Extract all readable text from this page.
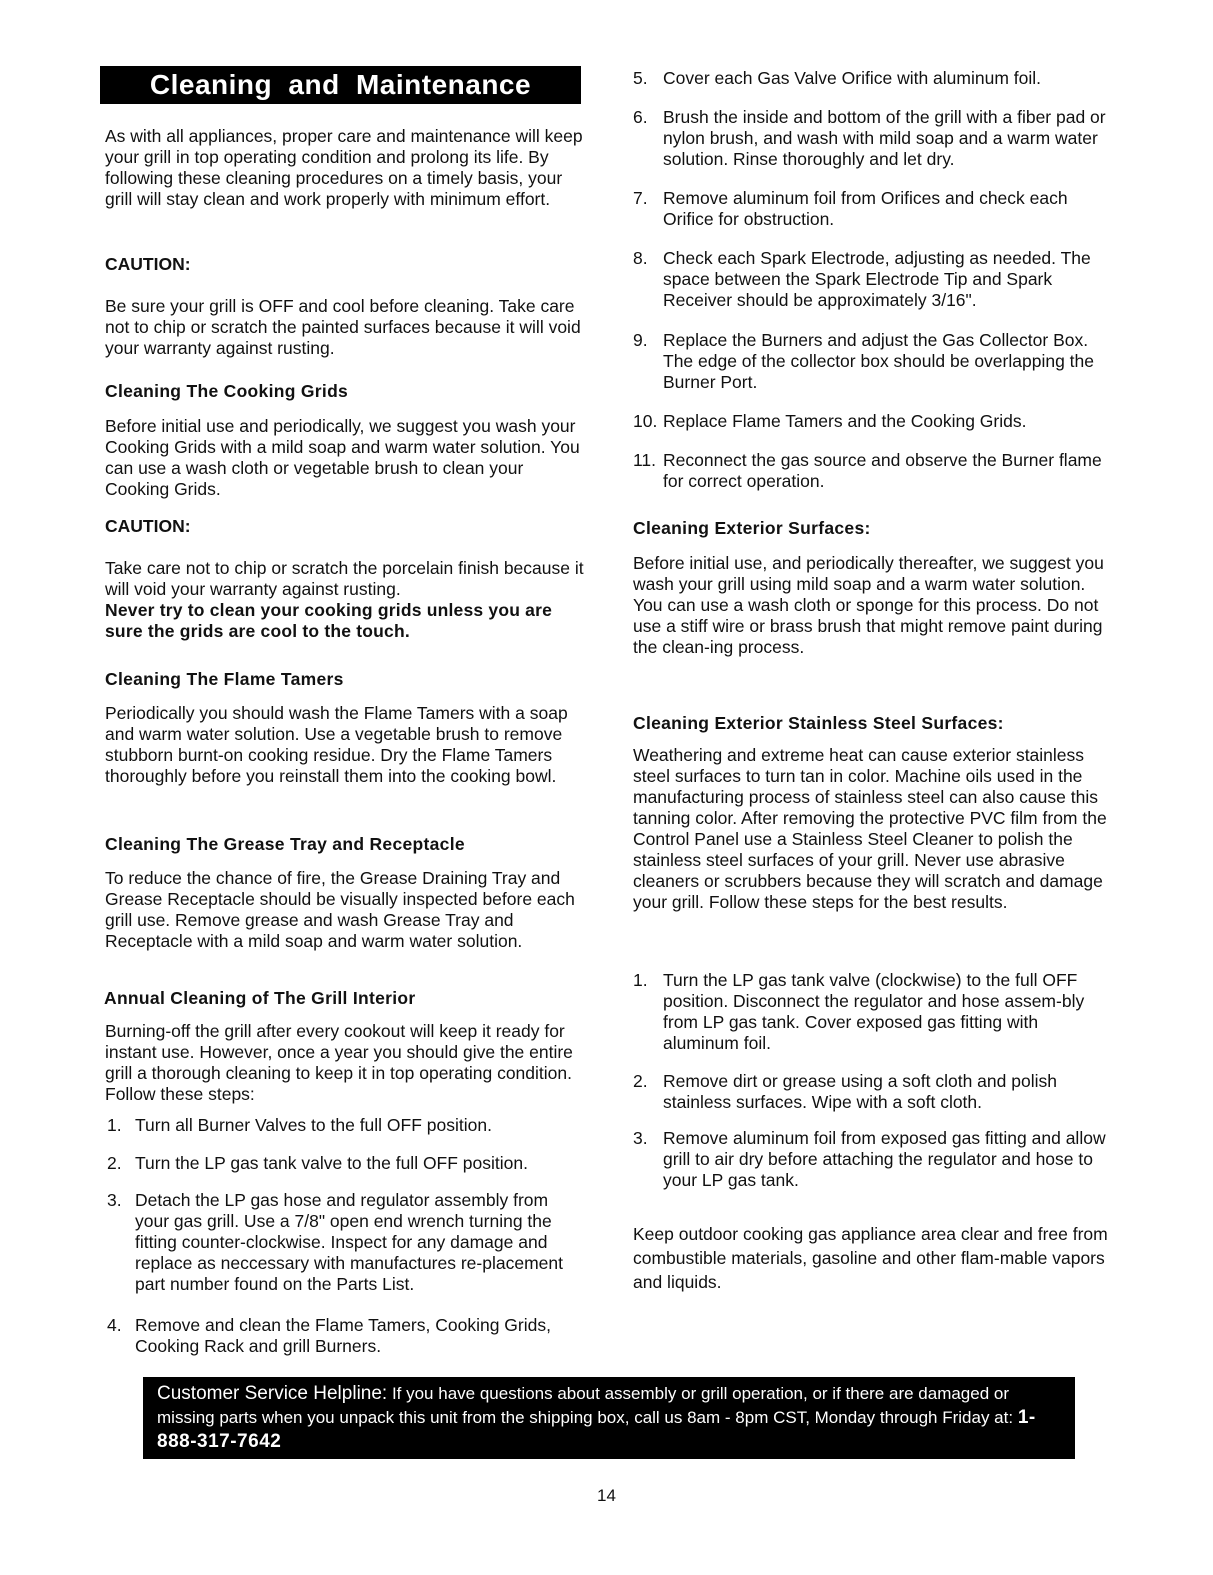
Cleaning and Maintenance

As with all appliances, proper care and maintenance will keep your grill in top operating condition and prolong its life. By following these cleaning procedures on a timely basis, your grill will stay clean and work properly with minimum effort.

CAUTION:

Be sure your grill is OFF and cool before cleaning. Take care not to chip or scratch the painted surfaces because it will void your warranty against rusting.

Cleaning The Cooking Grids

Before initial use and periodically, we suggest you wash your Cooking Grids with a mild soap and warm water solution. You can use a wash cloth or vegetable brush to clean your Cooking Grids.

CAUTION:

Take care not to chip or scratch the porcelain finish because it will void your warranty against rusting.

Never try to clean your cooking grids unless you are sure the grids are cool to the touch.

Cleaning The Flame Tamers

Periodically you should wash the Flame Tamers with a soap and warm water solution. Use a vegetable brush to remove stubborn burnt-on cooking residue. Dry the Flame Tamers thoroughly before you reinstall them into the cooking bowl.

Cleaning The Grease Tray and Receptacle

To reduce the chance of fire, the Grease Draining Tray and Grease Receptacle should be visually inspected before each grill use. Remove grease and wash Grease Tray and Receptacle with a mild soap and warm water solution.

Annual Cleaning of The Grill Interior

Burning-off the grill after every cookout will keep it ready for instant use. However, once a year you should give the entire grill a thorough cleaning to keep it in top operating condition. Follow these steps:

1. Turn all Burner Valves to the full OFF position.
2. Turn the LP gas tank valve to the full OFF position.
3. Detach the LP gas hose and regulator assembly from your gas grill. Use a 7/8" open end wrench turning the fitting counter-clockwise. Inspect for any damage and replace as neccessary with manufactures re-placement part number found on the Parts List.
4. Remove and clean the Flame Tamers, Cooking Grids, Cooking Rack and grill Burners.
5. Cover each Gas Valve Orifice with aluminum foil.
6. Brush the inside and bottom of the grill with a fiber pad or nylon brush, and wash with mild soap and a warm water solution. Rinse thoroughly and let dry.
7. Remove aluminum foil from Orifices and check each Orifice for obstruction.
8. Check each Spark Electrode, adjusting as needed. The space between the Spark Electrode Tip and Spark Receiver should be approximately 3/16".
9. Replace the Burners and adjust the Gas Collector Box. The edge of the collector box should be overlapping the Burner Port.
10. Replace Flame Tamers and the Cooking Grids.
11. Reconnect the gas source and observe the Burner flame for correct operation.
Cleaning Exterior Surfaces:

Before initial use, and periodically thereafter, we suggest you wash your grill using mild soap and a warm water solution. You can use a wash cloth or sponge for this process. Do not use a stiff wire or brass brush that might remove paint during the clean-ing process.

Cleaning Exterior Stainless Steel Surfaces:

Weathering and extreme heat can cause exterior stainless steel surfaces to turn tan in color. Machine oils used in the manufacturing process of stainless steel can also cause this tanning color. After removing the protective PVC film from the Control Panel use a Stainless Steel Cleaner to polish the stainless steel surfaces of your grill. Never use abrasive cleaners or scrubbers because they will scratch and damage your grill. Follow these steps for the best results.

1. Turn the LP gas tank valve (clockwise) to the full OFF position. Disconnect the regulator and hose assem-bly from LP gas tank. Cover exposed gas fitting with aluminum foil.
2. Remove dirt or grease using a soft cloth and polish stainless surfaces. Wipe with a soft cloth.
3. Remove aluminum foil from exposed gas fitting and allow grill to air dry before attaching the regulator and hose to your LP gas tank.

Keep outdoor cooking gas appliance area clear and free from combustible materials, gasoline and other flam-mable vapors and liquids.

Customer Service Helpline: If you have questions about assembly or grill operation, or if there are damaged or missing parts when you unpack this unit from the shipping box, call us 8am - 8pm CST, Monday through Friday at: 1-888-317-7642
14
